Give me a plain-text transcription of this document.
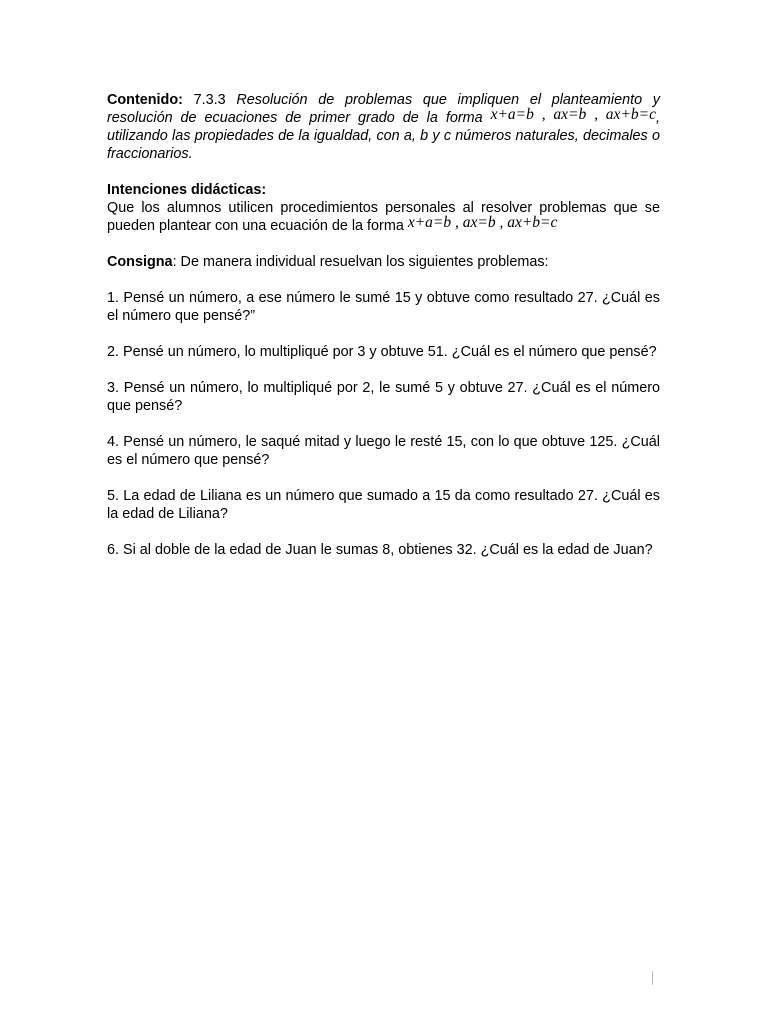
Contenido: 7.3.3 Resolución de problemas que impliquen el planteamiento y resolución de ecuaciones de primer grado de la forma x+a=b , ax=b , ax+b=c, utilizando las propiedades de la igualdad, con a, b y c números naturales, decimales o fraccionarios.

Intenciones didácticas:
Que los alumnos utilicen procedimientos personales al resolver problemas que se pueden plantear con una ecuación de la forma x+a=b , ax=b , ax+b=c

Consigna: De manera individual resuelvan los siguientes problemas:

1. Pensé un número, a ese número le sumé 15 y obtuve como resultado 27. ¿Cuál es el número que pensé?”

2. Pensé un número, lo multipliqué por 3 y obtuve 51. ¿Cuál es el número que pensé?

3. Pensé un número, lo multipliqué por 2, le sumé 5 y obtuve 27. ¿Cuál es el número que pensé?

4. Pensé un número, le saqué mitad y luego le resté 15, con lo que obtuve 125. ¿Cuál es el número que pensé?

5. La edad de Liliana es un número que sumado a 15 da como resultado 27. ¿Cuál es la edad de Liliana?

6. Si al doble de la edad de Juan le sumas 8, obtienes 32. ¿Cuál es la edad de Juan?
